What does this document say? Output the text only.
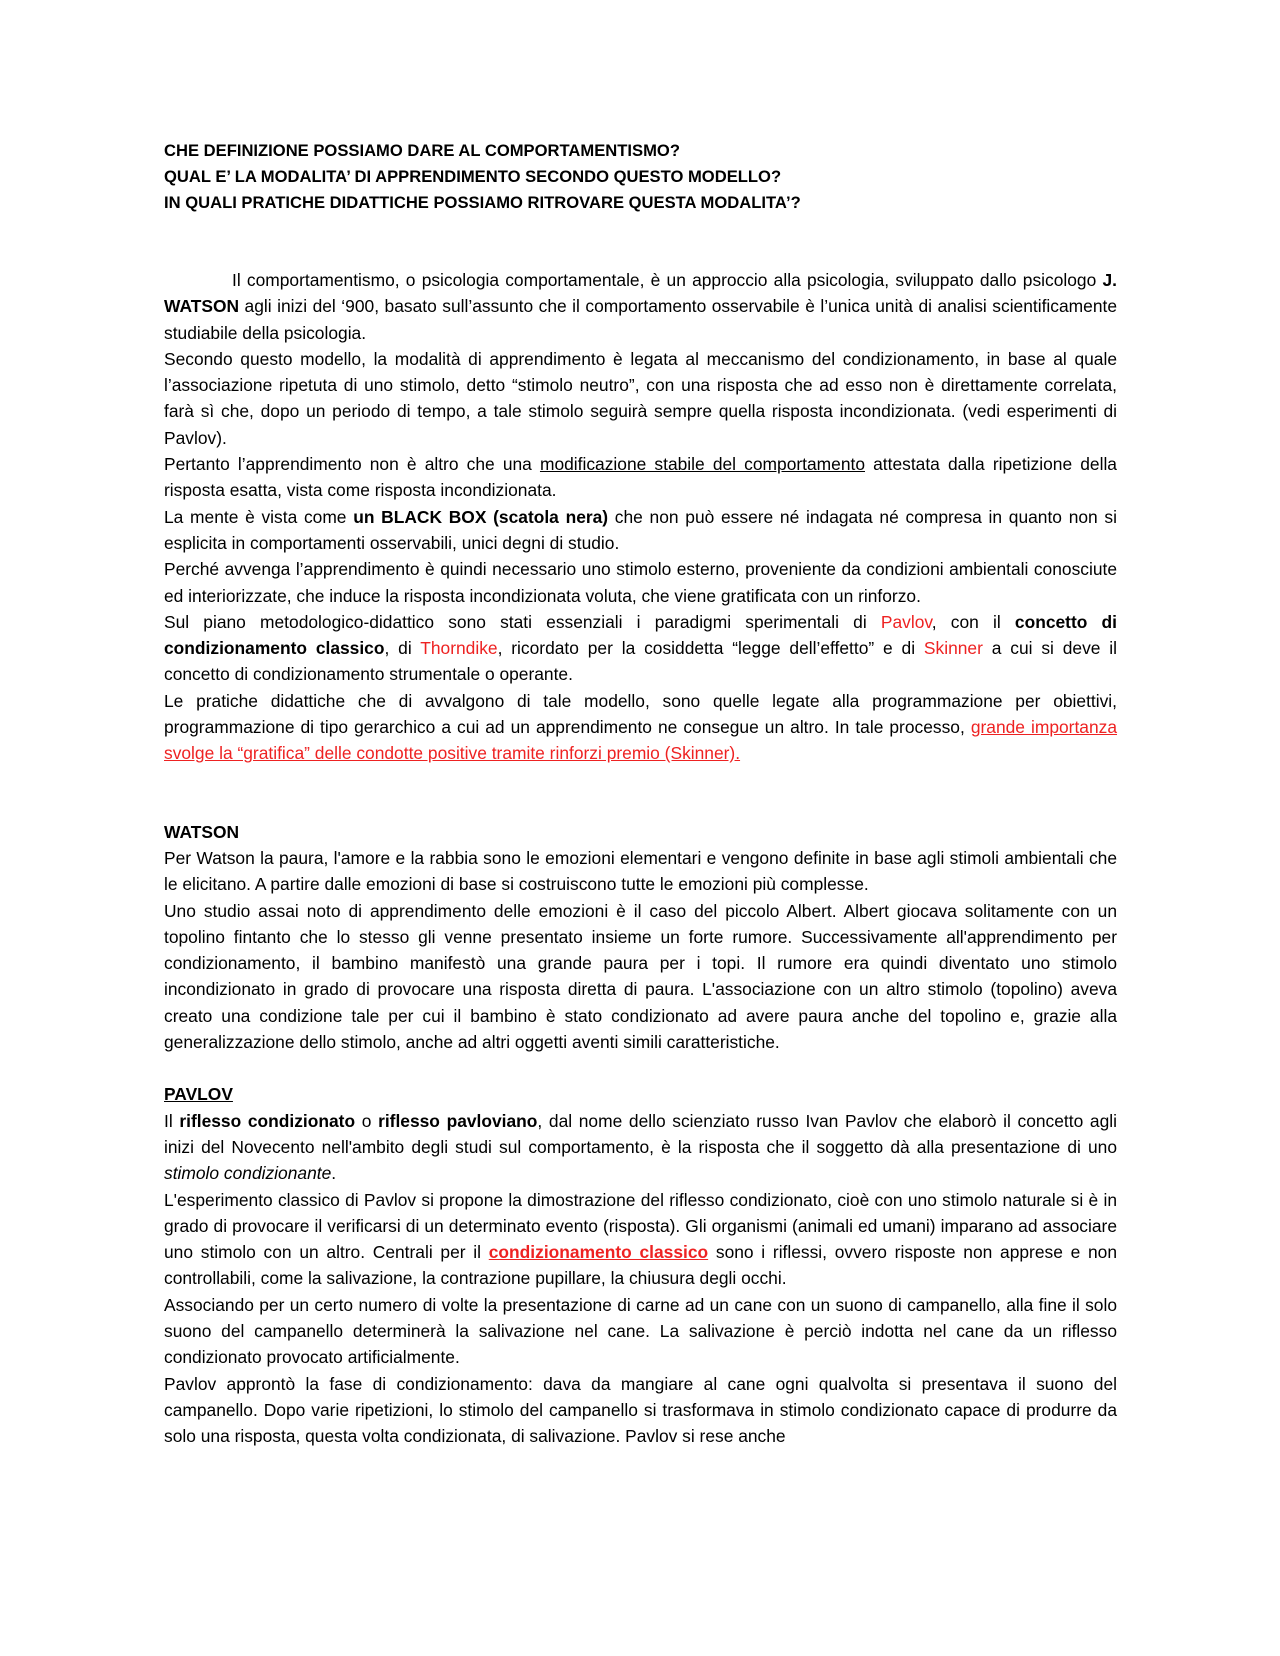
CHE DEFINIZIONE POSSIAMO DARE AL COMPORTAMENTISMO?
QUAL E’ LA MODALITA’ DI APPRENDIMENTO SECONDO QUESTO MODELLO?
IN QUALI PRATICHE DIDATTICHE POSSIAMO RITROVARE QUESTA MODALITA’?

Il comportamentismo, o psicologia comportamentale, è un approccio alla psicologia, sviluppato dallo psicologo J. WATSON agli inizi del ‘900, basato sull’assunto che il comportamento osservabile è l’unica unità di analisi scientificamente studiabile della psicologia.

Secondo questo modello, la modalità di apprendimento è legata al meccanismo del condizionamento, in base al quale l’associazione ripetuta di uno stimolo, detto “stimolo neutro”, con una risposta che ad esso non è direttamente correlata, farà sì che, dopo un periodo di tempo, a tale stimolo seguirà sempre quella risposta incondizionata. (vedi esperimenti di Pavlov).

Pertanto l’apprendimento non è altro che una modificazione stabile del comportamento attestata dalla ripetizione della risposta esatta, vista come risposta incondizionata.

La mente è vista come un BLACK BOX (scatola nera) che non può essere né indagata né compresa in quanto non si esplicita in comportamenti osservabili, unici degni di studio.

Perché avvenga l’apprendimento è quindi necessario uno stimolo esterno, proveniente da condizioni ambientali conosciute ed interiorizzate, che induce la risposta incondizionata voluta, che viene gratificata con un rinforzo.

Sul piano metodologico-didattico sono stati essenziali i paradigmi sperimentali di Pavlov, con il concetto di condizionamento classico, di Thorndike, ricordato per la cosiddetta “legge dell’effetto” e di Skinner a cui si deve il concetto di condizionamento strumentale o operante.

Le pratiche didattiche che di avvalgono di tale modello, sono quelle legate alla programmazione per obiettivi, programmazione di tipo gerarchico a cui ad un apprendimento ne consegue un altro. In tale processo, grande importanza svolge la “gratifica” delle condotte positive tramite rinforzi premio (Skinner).

WATSON

Per Watson la paura, l'amore e la rabbia sono le emozioni elementari e vengono definite in base agli stimoli ambientali che le elicitano. A partire dalle emozioni di base si costruiscono tutte le emozioni più complesse.

Uno studio assai noto di apprendimento delle emozioni è il caso del piccolo Albert. Albert giocava solitamente con un topolino fintanto che lo stesso gli venne presentato insieme un forte rumore. Successivamente all'apprendimento per condizionamento, il bambino manifestò una grande paura per i topi. Il rumore era quindi diventato uno stimolo incondizionato in grado di provocare una risposta diretta di paura. L'associazione con un altro stimolo (topolino) aveva creato una condizione tale per cui il bambino è stato condizionato ad avere paura anche del topolino e, grazie alla generalizzazione dello stimolo, anche ad altri oggetti aventi simili caratteristiche.

PAVLOV

Il riflesso condizionato o riflesso pavloviano, dal nome dello scienziato russo Ivan Pavlov che elaborò il concetto agli inizi del Novecento nell'ambito degli studi sul comportamento, è la risposta che il soggetto dà alla presentazione di uno stimolo condizionante.

L'esperimento classico di Pavlov si propone la dimostrazione del riflesso condizionato, cioè con uno stimolo naturale si è in grado di provocare il verificarsi di un determinato evento (risposta). Gli organismi (animali ed umani) imparano ad associare uno stimolo con un altro. Centrali per il condizionamento classico sono i riflessi, ovvero risposte non apprese e non controllabili, come la salivazione, la contrazione pupillare, la chiusura degli occhi.

Associando per un certo numero di volte la presentazione di carne ad un cane con un suono di campanello, alla fine il solo suono del campanello determinerà la salivazione nel cane. La salivazione è perciò indotta nel cane da un riflesso condizionato provocato artificialmente.

Pavlov approntò la fase di condizionamento: dava da mangiare al cane ogni qualvolta si presentava il suono del campanello. Dopo varie ripetizioni, lo stimolo del campanello si trasformava in stimolo condizionato capace di produrre da solo una risposta, questa volta condizionata, di salivazione. Pavlov si rese anche
